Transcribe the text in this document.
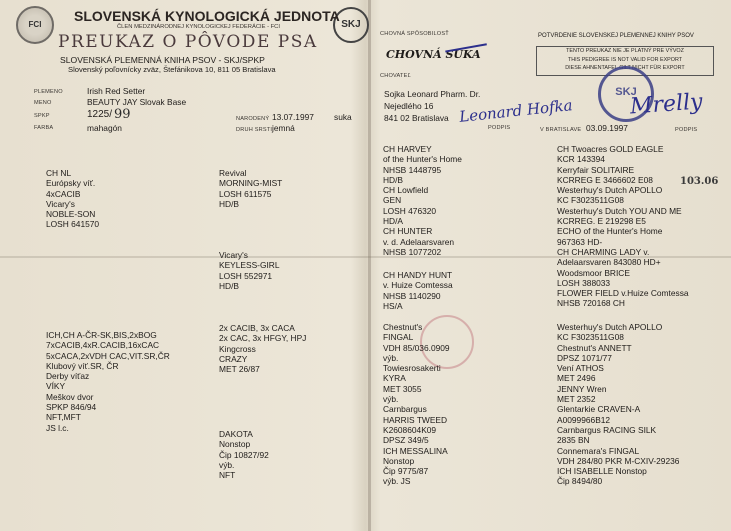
FCI	SKJ
SLOVENSKÁ KYNOLOGICKÁ JEDNOTA
ČLEN MEDZINÁRODNEJ KYNOLOGICKEJ FEDERÁCIE - FCI
PREUKAZ O PÔVODE PSA
SLOVENSKÁ PLEMENNÁ KNIHA PSOV - SKJ/SPKP
Slovenský poľovnícky zväz, Štefánikova 10, 811 05 Bratislava
PLEMENO	Irish Red Setter
MENO	BEAUTY JAY Slovak Base
SPKP	1225/ 99
FARBA	mahagón
NARODENÝ 13.07.1997 suka
DRUH SRSTI jemná
CHOVNÁ SPÔSOBILOSŤ
CHOVNÁ SUKA
CHOVATEĽ
Sojka Leonard Pharm. Dr.
Nejedlého 16
841 02 Bratislava Leonard Hofka
PODPIS
POTVRDENIE SLOVENSKEJ PLEMENNEJ KNIHY PSOV
TENTO PREUKAZ NIE JE PLATNÝ PRE VÝVOZ
THIS PEDIGREE IS NOT VALID FOR EXPORT
DIESE AHNENTAFEL GILT NICHT FÜR EXPORT
SKJ
Mrelly
V BRATISLAVE 03.09.1997	PODPIS
103.06
CH NL
Európsky víť.
4xCACIB
Vicary's
NOBLE-SON
LOSH 641570
ICH,CH A-ČR-SK,BIS,2xBOG
7xCACIB,4xR.CACIB,16xCAC
5xCACA,2xVDH CAC,VIT.SR,ČR
Klubový víť.SR, ČR
Derby víťaz
VÍKY
Meškov dvor
SPKP 846/94
NFT,MFT
JS l.c.
Revival
MORNING-MIST
LOSH 611575
HD/B
Vicary's
KEYLESS-GIRL
LOSH 552971
HD/B
2x CACIB, 3x CACA
2x CAC, 3x HFGY, HPJ
Kingcross
CRAZY
MET 26/87
DAKOTA
Nonstop
Čip 10827/92
výb.
NFT
CH HARVEY
of the Hunter's Home
NHSB 1448795
HD/B
CH Lowfield
GEN
LOSH 476320
HD/A
CH HUNTER
v. d. Adelaarsvaren
NHSB 1077202
CH HANDY HUNT
v. Huize Comtessa
NHSB 1140290
HS/A
Chestnut's
FINGAL
VDH 85/036.0909
výb.
Towiesrosakerti
KYRA
MET 3055
výb.
Carnbargus
HARRIS TWEED
K2608604K09
DPSZ 349/5
ICH MESSALINA
Nonstop
Čip 9775/87
výb. JS
CH Twoacres GOLD EAGLE
KCR 143394
Kerryfair SOLITAIRE
KCRREG E 3466602 E08
Westerhuy's Dutch APOLLO
KC F3023511G08
Westerhuy's Dutch YOU AND ME
KCRREG. E 219298 E5
ECHO of the Hunter's Home
967363 HD-
CH CHARMING LADY v.
Adelaarsvaren 843080 HD+
Woodsmoor BRICE
LOSH 388033
FLOWER FIELD v.Huize Comtessa
NHSB 720168 CH
Westerhuy's Dutch APOLLO
KC F3023511G08
Chestnut's ANNETT
DPSZ 1071/77
Vení ATHOS
MET 2496
JENNY Wren
MET 2352
Glentarkie CRAVEN-A
A0099966B12
Carnbargus RACING SILK
2835 BN
Connemara's FINGAL
VDH 284/80 PKR M-CXIV-29236
ICH ISABELLE Nonstop
Čip 8494/80
